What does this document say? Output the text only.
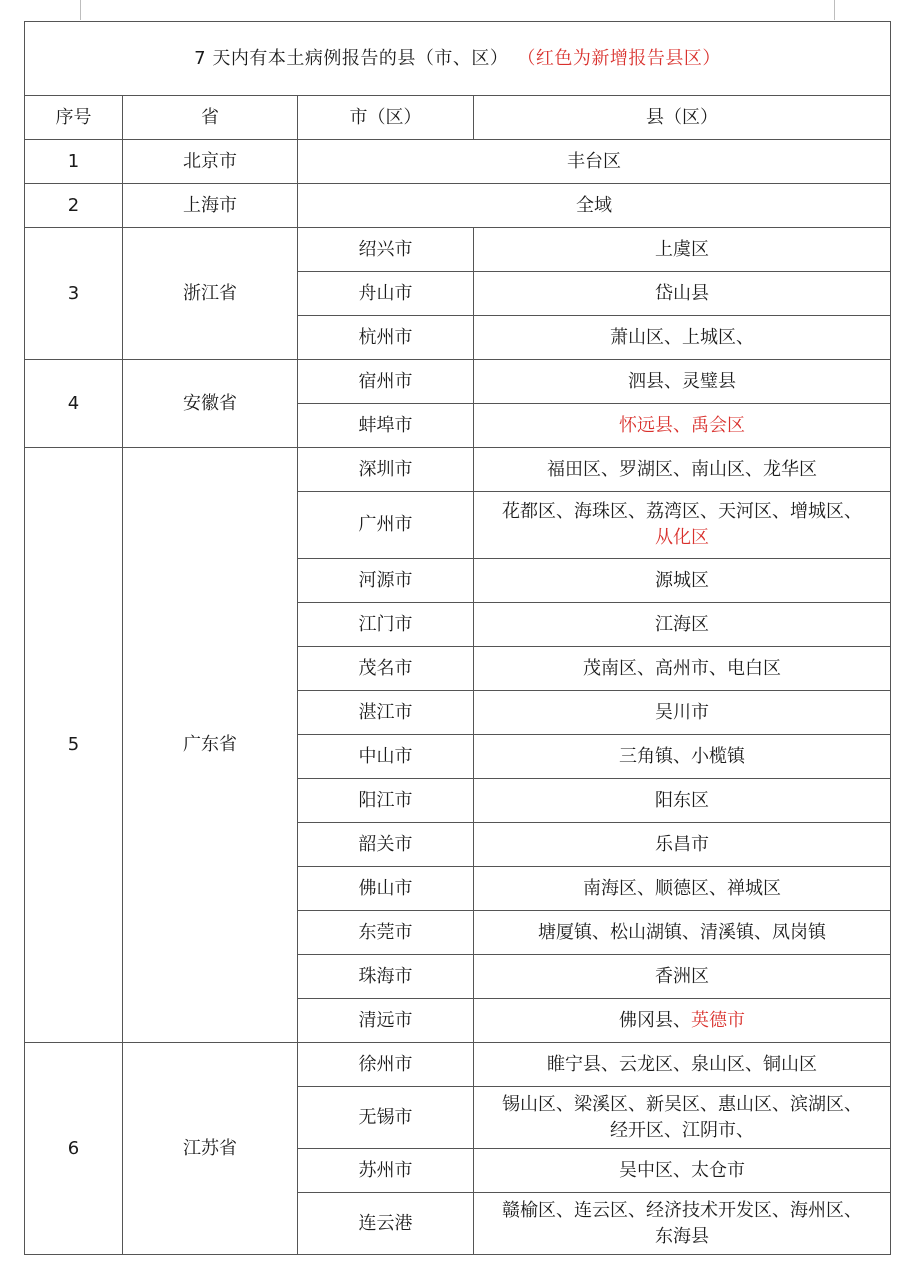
7 天内有本土病例报告的县（市、区） （红色为新增报告县区）			
序号	省	市（区）	县（区）
1	北京市	丰台区	
2	上海市	全域	
3	浙江省	绍兴市	上虞区
		舟山市	岱山县
		杭州市	萧山区、上城区、
4	安徽省	宿州市	泗县、灵璧县
		蚌埠市	怀远县、禹会区
5	广东省	深圳市	福田区、罗湖区、南山区、龙华区
		广州市	花都区、海珠区、荔湾区、天河区、增城区、
从化区
		河源市	源城区
		江门市	江海区
		茂名市	茂南区、高州市、电白区
		湛江市	吴川市
		中山市	三角镇、小榄镇
		阳江市	阳东区
		韶关市	乐昌市
		佛山市	南海区、顺德区、禅城区
		东莞市	塘厦镇、松山湖镇、清溪镇、凤岗镇
		珠海市	香洲区
		清远市	佛冈县、英德市
6	江苏省	徐州市	睢宁县、云龙区、泉山区、铜山区
		无锡市	锡山区、梁溪区、新吴区、惠山区、滨湖区、
经开区、江阴市、
		苏州市	吴中区、太仓市
		连云港	赣榆区、连云区、经济技术开发区、海州区、
东海县
